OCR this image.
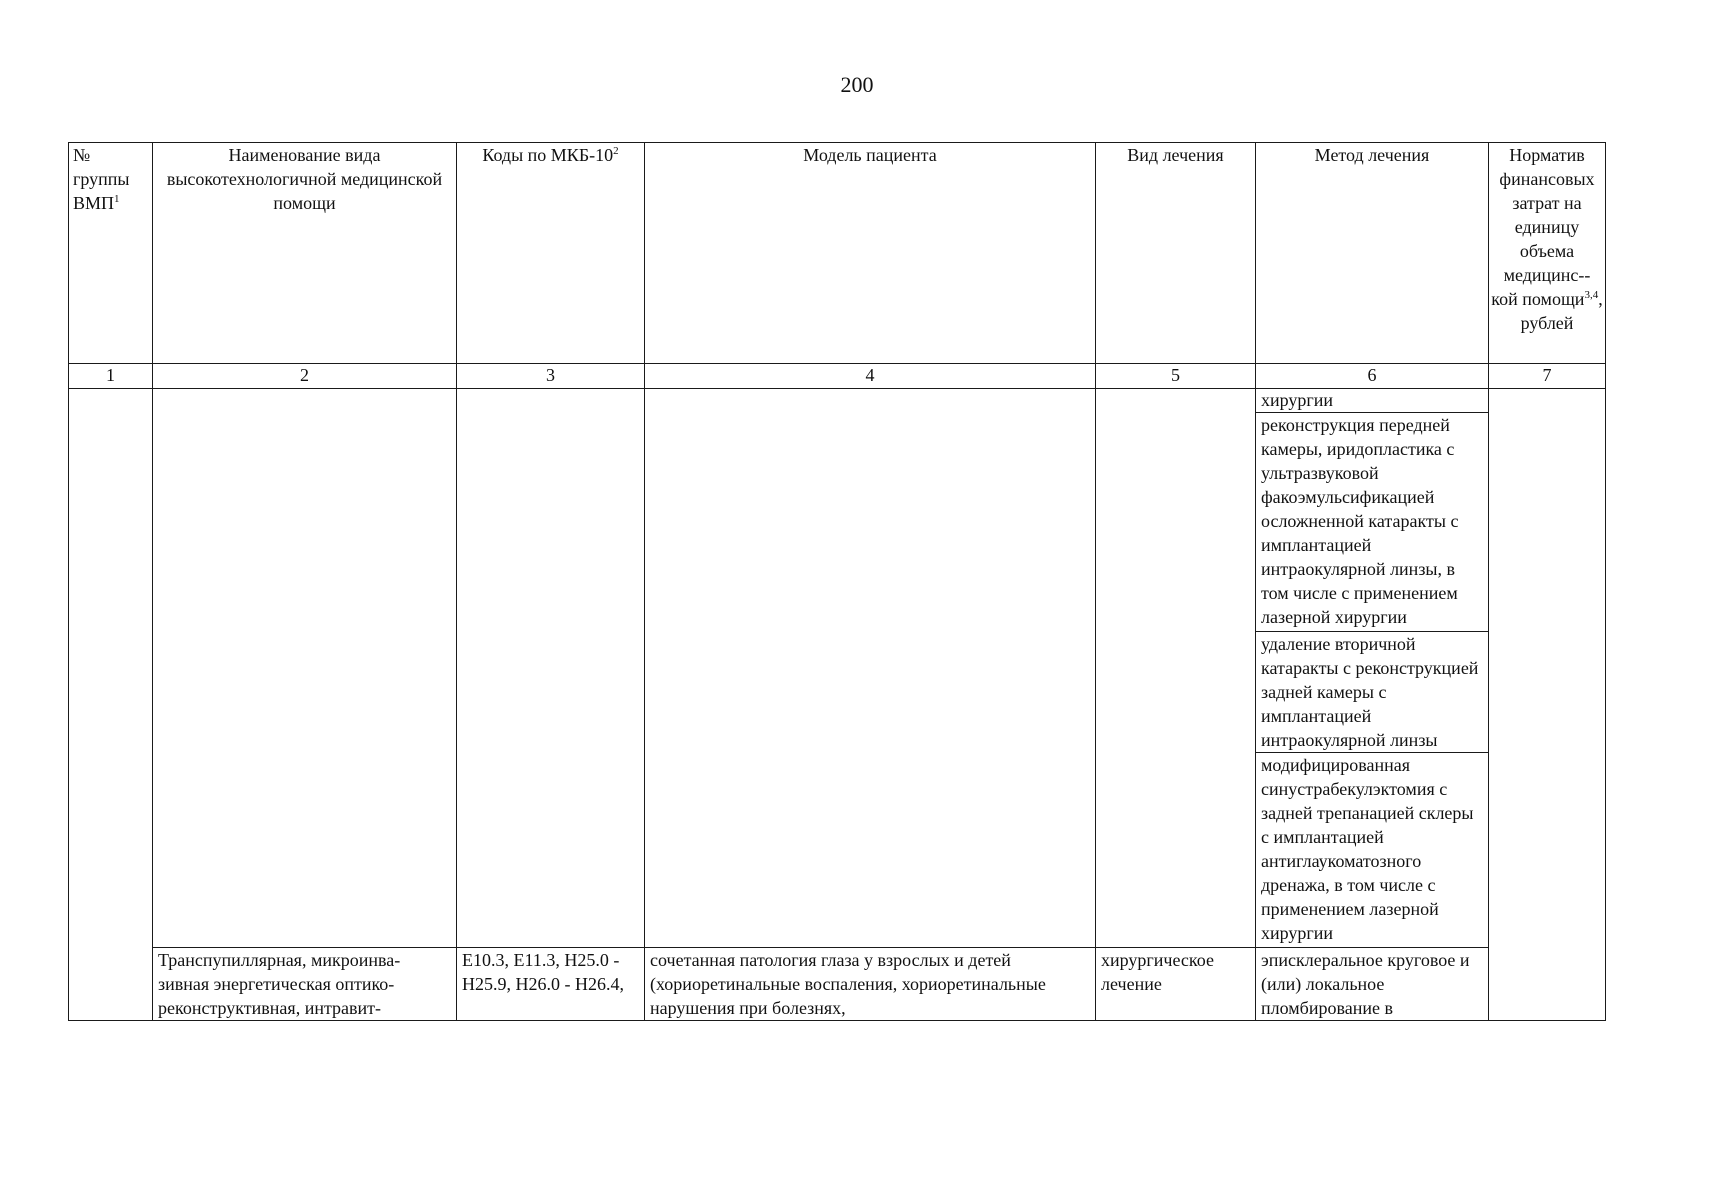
200
№ группы ВМП$^1$	Наименование вида высокотехнологичной медицинской помощи	Коды по МКБ-$10^2$	Модель пациента	Вид лечения	Метод лечения	Норматив финансовых затрат на единицу объема медицинс--кой помощи$^{3,4}$, рублей
1	2	3	4	5	6	7
					хирургии	
					реконструкция передней камеры, иридопластика с ультразвуковой факоэмульсификацией осложненной катаракты с имплантацией интраокулярной линзы, в том числе с применением лазерной хирургии	
					удаление вторичной катаракты с реконструкцией задней камеры с имплантацией интраокулярной линзы	
					модифицированная синустрабекулэктомия с задней трепанацией склеры с имплантацией антиглаукоматозного дренажа, в том числе с применением лазерной хирургии	
	Транспупиллярная, микроинва-зивная энергетическая оптико-реконструктивная, интравит-	E10.3, E11.3, H25.0 - H25.9, H26.0 - H26.4,	сочетанная патология глаза у взрослых и детей (хориоретинальные воспаления, хориоретинальные нарушения при болезнях,	хирургическое лечение	эписклеральное круговое и (или) локальное пломбирование в	
